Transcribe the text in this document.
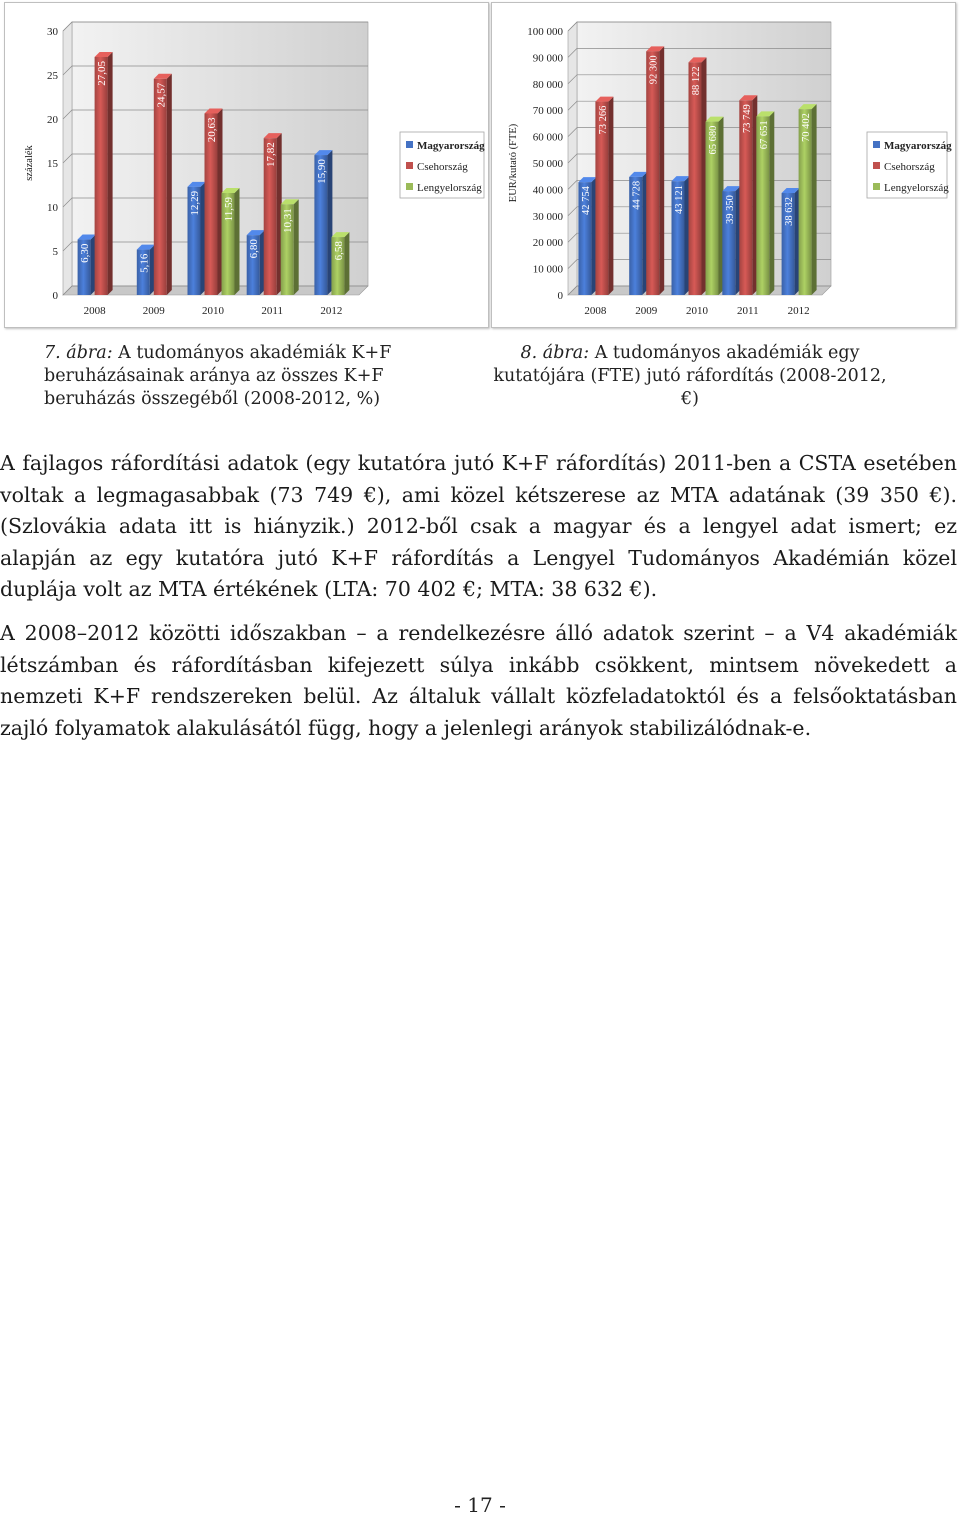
0
5
10
15
20
25
30
százalék
6,30
27,05
2008
5,16
24,57
2009
12,29
20,63
11,59
2010
6,80
17,82
10,31
2011
15,90
6,58
2012
Magyarország
Csehország
Lengyelország
0
10 000
20 000
30 000
40 000
50 000
60 000
70 000
80 000
90 000
100 000
EUR/kutató (FTE)	42 754
73 266
2008
44 728
92 300
2009
43 121
88 122
65 680
2010
39 350
73 749
67 651
2011
38 632
70 402
2012
Magyarország
Csehország
Lengyelország
7. ábra: A tudományos akadémiák K+F beruházásainak aránya az összes K+F beruházás összegéből (2008-2012, %)
8. ábra: A tudományos akadémiák egy kutatójára (FTE) jutó ráfordítás (2008-2012, €)

A fajlagos ráfordítási adatok (egy kutatóra jutó K+F ráfordítás) 2011-ben a CSTA esetében voltak a legmagasabbak (73 749 €), ami közel kétszerese az MTA adatának (39 350 €). (Szlovákia adata itt is hiányzik.) 2012-ből csak a magyar és a lengyel adat ismert; ez alapján az egy kutatóra jutó K+F ráfordítás a Lengyel Tudományos Akadémián közel duplája volt az MTA értékének (LTA: 70 402 €; MTA: 38 632 €).

A 2008–2012 közötti időszakban – a rendelkezésre álló adatok szerint – a V4 akadémiák létszámban és ráfordításban kifejezett súlya inkább csökkent, mintsem növekedett a nemzeti K+F rendszereken belül. Az általuk vállalt közfeladatoktól és a felsőoktatásban zajló folyamatok alakulásától függ, hogy a jelenlegi arányok stabilizálódnak-e.

- 17 -
